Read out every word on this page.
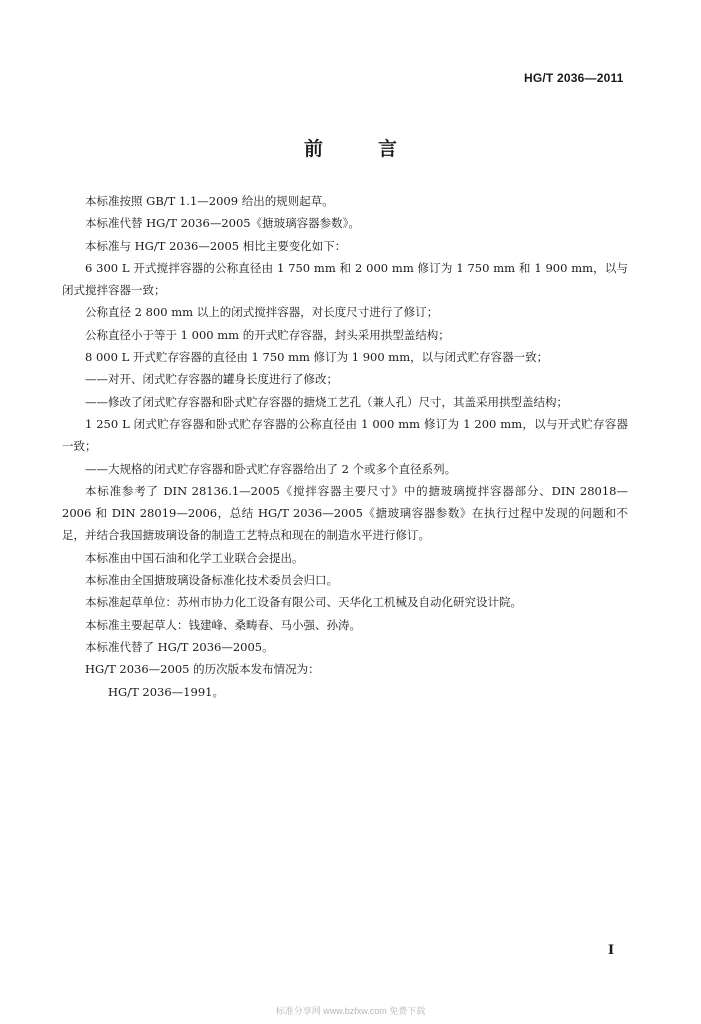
HG/T 2036—2011
前　言

本标准按照 GB/T 1.1—2009 给出的规则起草。

本标准代替 HG/T 2036—2005《搪玻璃容器参数》。

本标准与 HG/T 2036—2005 相比主要变化如下：

6 300 L 开式搅拌容器的公称直径由 1 750 mm 和 2 000 mm 修订为 1 750 mm 和 1 900 mm，以与闭式搅拌容器一致；

公称直径 2 800 mm 以上的闭式搅拌容器，对长度尺寸进行了修订；

公称直径小于等于 1 000 mm 的开式贮存容器，封头采用拱型盖结构；

8 000 L 开式贮存容器的直径由 1 750 mm 修订为 1 900 mm，以与闭式贮存容器一致；

——对开、闭式贮存容器的罐身长度进行了修改；

——修改了闭式贮存容器和卧式贮存容器的搪烧工艺孔（兼人孔）尺寸，其盖采用拱型盖结构；

1 250 L 闭式贮存容器和卧式贮存容器的公称直径由 1 000 mm 修订为 1 200 mm，以与开式贮存容器一致；

——大规格的闭式贮存容器和卧式贮存容器给出了 2 个或多个直径系列。

本标准参考了 DIN 28136.1—2005《搅拌容器主要尺寸》中的搪玻璃搅拌容器部分、DIN 28018—2006 和 DIN 28019—2006，总结 HG/T 2036—2005《搪玻璃容器参数》在执行过程中发现的问题和不足，并结合我国搪玻璃设备的制造工艺特点和现在的制造水平进行修订。

本标准由中国石油和化学工业联合会提出。

本标准由全国搪玻璃设备标准化技术委员会归口。

本标准起草单位：苏州市协力化工设备有限公司、天华化工机械及自动化研究设计院。

本标准主要起草人：钱建峰、桑畴春、马小强、孙涛。

本标准代替了 HG/T 2036—2005。

HG/T 2036—2005 的历次版本发布情况为：

HG/T 2036—1991。

I
标准分享网 www.bzfxw.com 免费下载
